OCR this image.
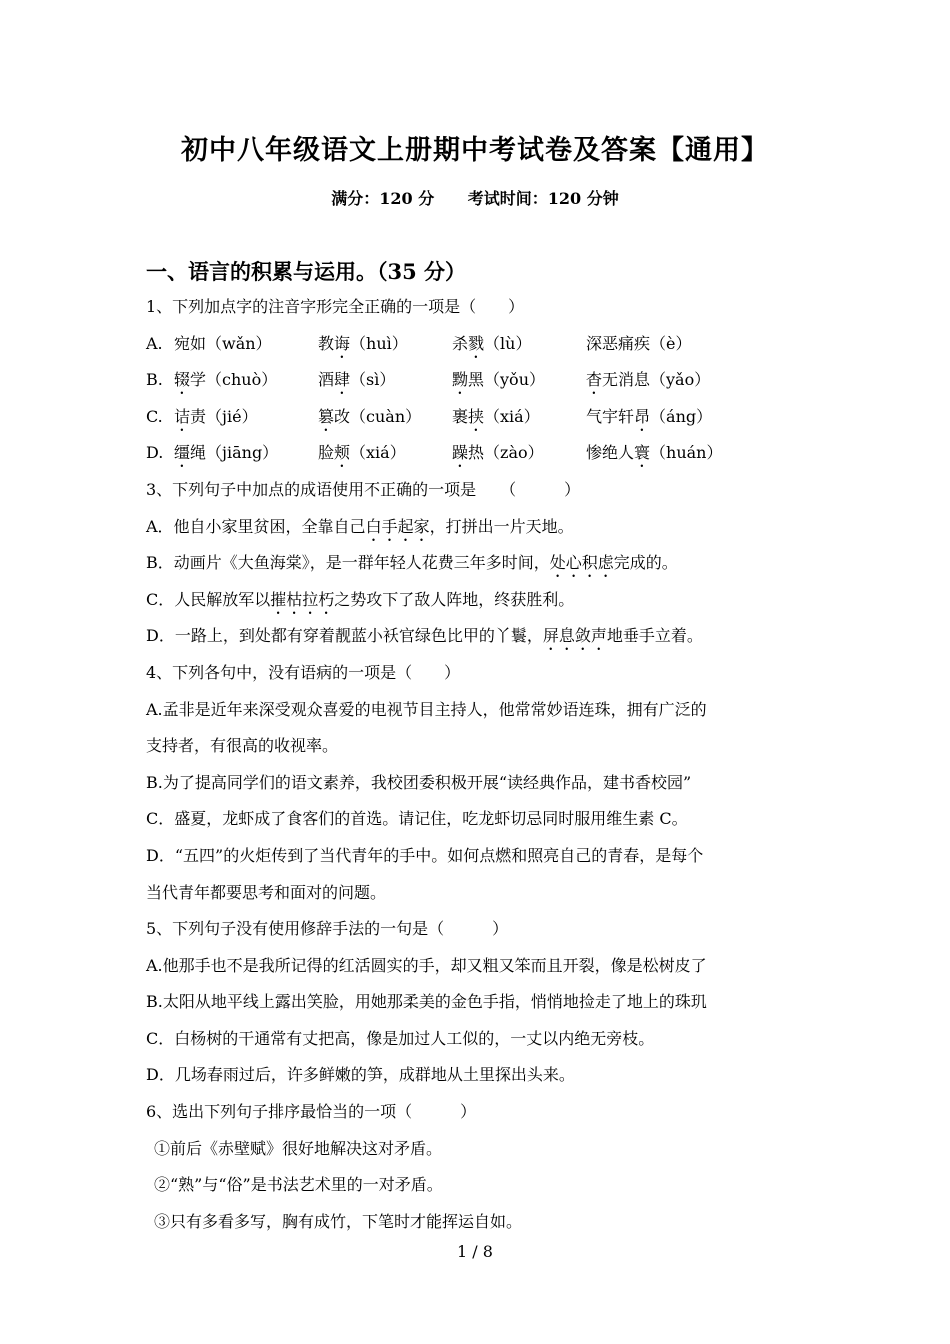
初中八年级语文上册期中考试卷及答案【通用】
满分：120 分 考试时间：120 分钟
一、语言的积累与运用。（35 分）
1、下列加点字的注音字形完全正确的一项是（　　）
A. 宛如（wǎn）	教诲（huì）	杀戮（lù）	深恶痛疾（è）
B. 辍学（chuò）	酒肆（sì）	黝黑（yǒu）	杳无消息（yǎo）
C. 诘责（jié）	篡改（cuàn）	裹挟（xiá）	气宇轩昂（áng）
D. 缰绳（jiāng）	脸颊（xiá）	躁热（zào）	惨绝人寰（huán）
3、下列句子中加点的成语使用不正确的一项是　　（　　　）
A．他自小家里贫困，全靠自己白手起家，打拼出一片天地。
B．动画片《大鱼海棠》，是一群年轻人花费三年多时间，处心积虑完成的。
C．人民解放军以摧枯拉朽之势攻下了敌人阵地，终获胜利。
D．一路上，到处都有穿着靓蓝小袄官绿色比甲的丫鬟，屏息敛声地垂手立着。
4、下列各句中，没有语病的一项是（　　）
A.孟非是近年来深受观众喜爱的电视节目主持人，他常常妙语连珠，拥有广泛的
支持者，有很高的收视率。
B.为了提高同学们的语文素养，我校团委积极开展“读经典作品，建书香校园”
C．盛夏，龙虾成了食客们的首选。请记住，吃龙虾切忌同时服用维生素 C。
D．“五四”的火炬传到了当代青年的手中。如何点燃和照亮自己的青春，是每个
当代青年都要思考和面对的问题。
5、下列句子没有使用修辞手法的一句是（　　　）
A.他那手也不是我所记得的红活圆实的手，却又粗又笨而且开裂，像是松树皮了
B.太阳从地平线上露出笑脸，用她那柔美的金色手指，悄悄地捡走了地上的珠玑
C．白杨树的干通常有丈把高，像是加过人工似的，一丈以内绝无旁枝。
D．几场春雨过后，许多鲜嫩的笋，成群地从土里探出头来。
6、选出下列句子排序最恰当的一项（　　　）
①前后《赤壁赋》很好地解决这对矛盾。
②“熟”与“俗”是书法艺术里的一对矛盾。
③只有多看多写，胸有成竹，下笔时才能挥运自如。
1 / 8
